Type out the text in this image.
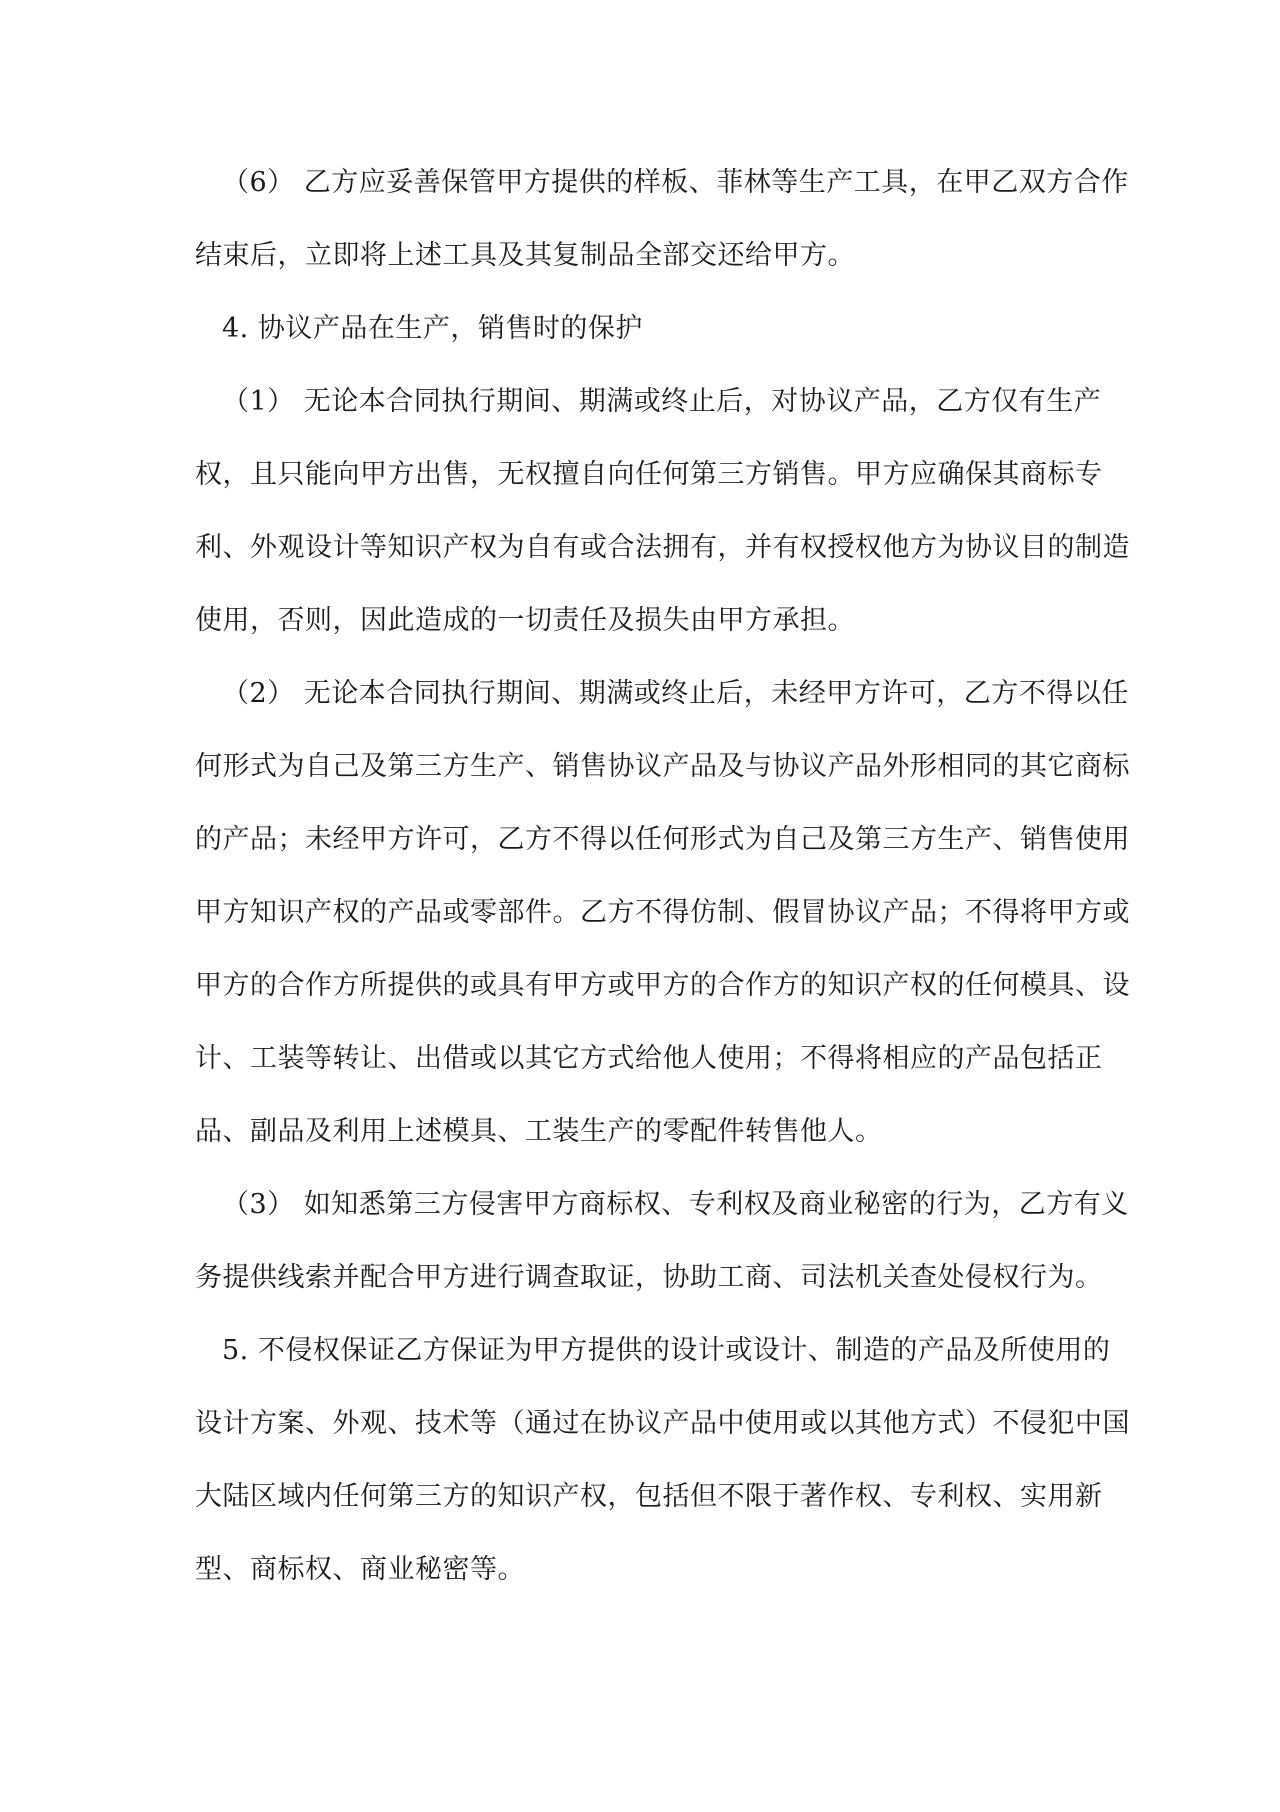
（6） 乙方应妥善保管甲方提供的样板、菲林等生产工具，在甲乙双方合作
结束后，立即将上述工具及其复制品全部交还给甲方。
4. 协议产品在生产，销售时的保护
（1） 无论本合同执行期间、期满或终止后，对协议产品，乙方仅有生产
权，且只能向甲方出售，无权擅自向任何第三方销售。甲方应确保其商标专
利、外观设计等知识产权为自有或合法拥有，并有权授权他方为协议目的制造
使用，否则，因此造成的一切责任及损失由甲方承担。
（2） 无论本合同执行期间、期满或终止后，未经甲方许可，乙方不得以任
何形式为自己及第三方生产、销售协议产品及与协议产品外形相同的其它商标
的产品；未经甲方许可，乙方不得以任何形式为自己及第三方生产、销售使用
甲方知识产权的产品或零部件。乙方不得仿制、假冒协议产品；不得将甲方或
甲方的合作方所提供的或具有甲方或甲方的合作方的知识产权的任何模具、设
计、工装等转让、出借或以其它方式给他人使用；不得将相应的产品包括正
品、副品及利用上述模具、工装生产的零配件转售他人。
（3） 如知悉第三方侵害甲方商标权、专利权及商业秘密的行为，乙方有义
务提供线索并配合甲方进行调查取证，协助工商、司法机关查处侵权行为。
5. 不侵权保证乙方保证为甲方提供的设计或设计、制造的产品及所使用的
设计方案、外观、技术等（通过在协议产品中使用或以其他方式）不侵犯中国
大陆区域内任何第三方的知识产权，包括但不限于著作权、专利权、实用新
型、商标权、商业秘密等。
